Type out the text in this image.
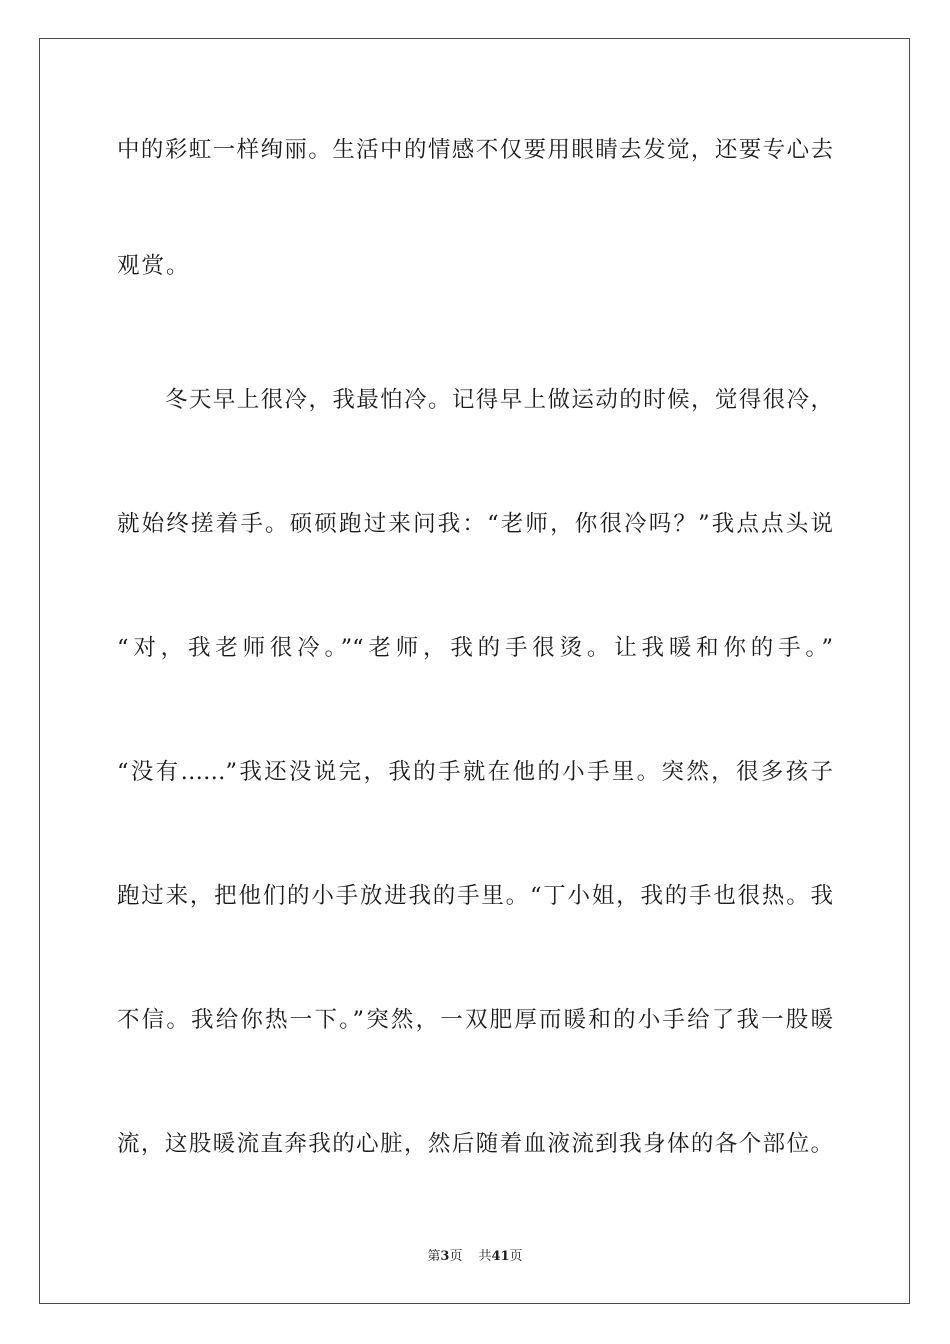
中的彩虹一样绚丽。生活中的情感不仅要用眼睛去发觉，还要专心去
观赏。
冬天早上很冷，我最怕冷。记得早上做运动的时候，觉得很冷，
就始终搓着手。硕硕跑过来问我：“老师，你很冷吗？”我点点头说
“对，我老师很冷。”“老师，我的手很烫。让我暖和你的手。”
“没有……”我还没说完，我的手就在他的小手里。突然，很多孩子
跑过来，把他们的小手放进我的手里。“丁小姐，我的手也很热。我
不信。我给你热一下。”突然，一双肥厚而暖和的小手给了我一股暖
流，这股暖流直奔我的心脏，然后随着血液流到我身体的各个部位。
第3页 共41页
